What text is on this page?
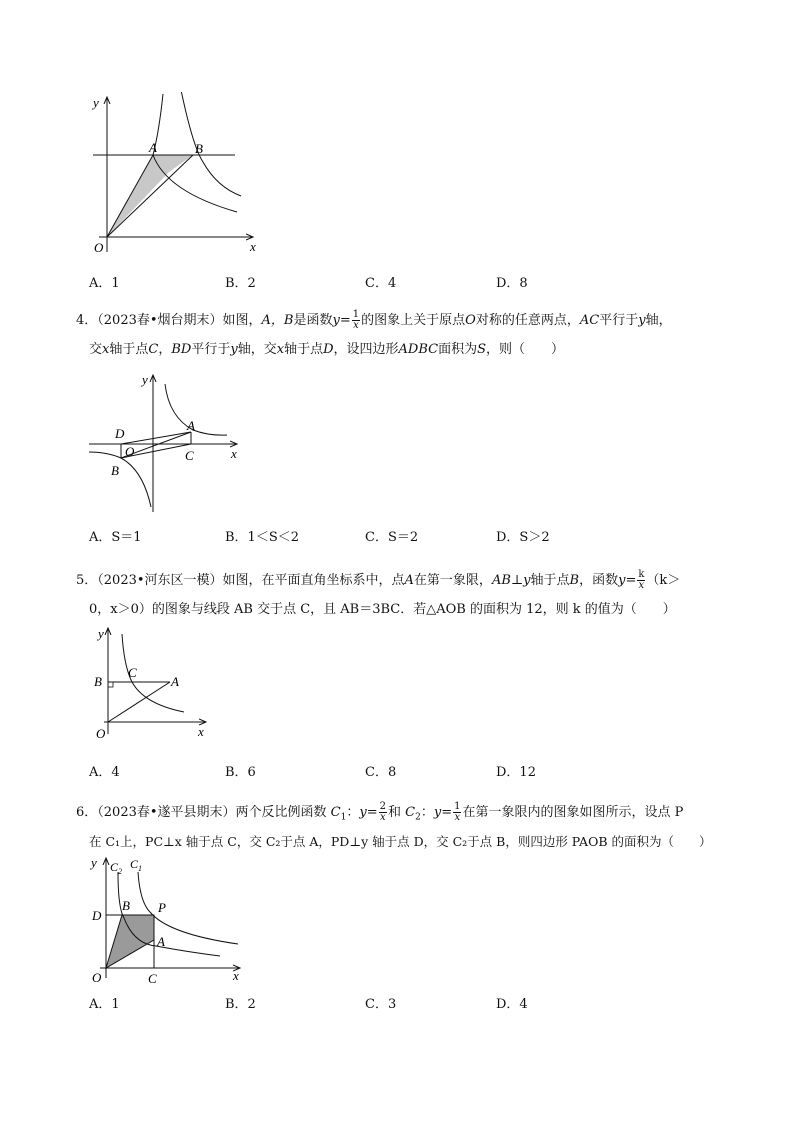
y
x
O
A	B
A．1	B．2	C．4	D．8
4．（2023春•烟台期末）如图，A，B是函数$y= \frac{1}{x}$ 的图象上关于原点O对称的任意两点，AC平行于y轴，
交x轴于点C，BD平行于y轴，交x轴于点D，设四边形ADBC面积为S，则（　　）
y
x
O
A
B
C
D
A．S＝1	B．1＜S＜2	C．S＝2	D．S＞2
5．（2023•河东区一模）如图，在平面直角坐标系中，点A在第一象限，AB⊥y轴于点B，函数$y= \frac{k}{x} (k>$
0，x＞0）的图象与线段 AB 交于点 C，且 AB＝3BC．若△AOB 的面积为 12，则 k 的值为（　　）
y
x
O
A
B
C
A．4	B．6	C．8	D．12
6．（2023春•遂平县期末）两个反比例函数 $C_1$：$y= \frac{2}{x}$ 和 $C_2$：$y= \frac{1}{x}$ 在第一象限内的图象如图所示，设点 P
在 C₁上，PC⊥x 轴于点 C，交 C₂于点 A，PD⊥y 轴于点 D，交 C₂于点 B，则四边形 PAOB 的面积为（　　）
y $C_2$
$C_1$
x
O
D
B P
A
C
A．1	B．2	C．3	D．4
